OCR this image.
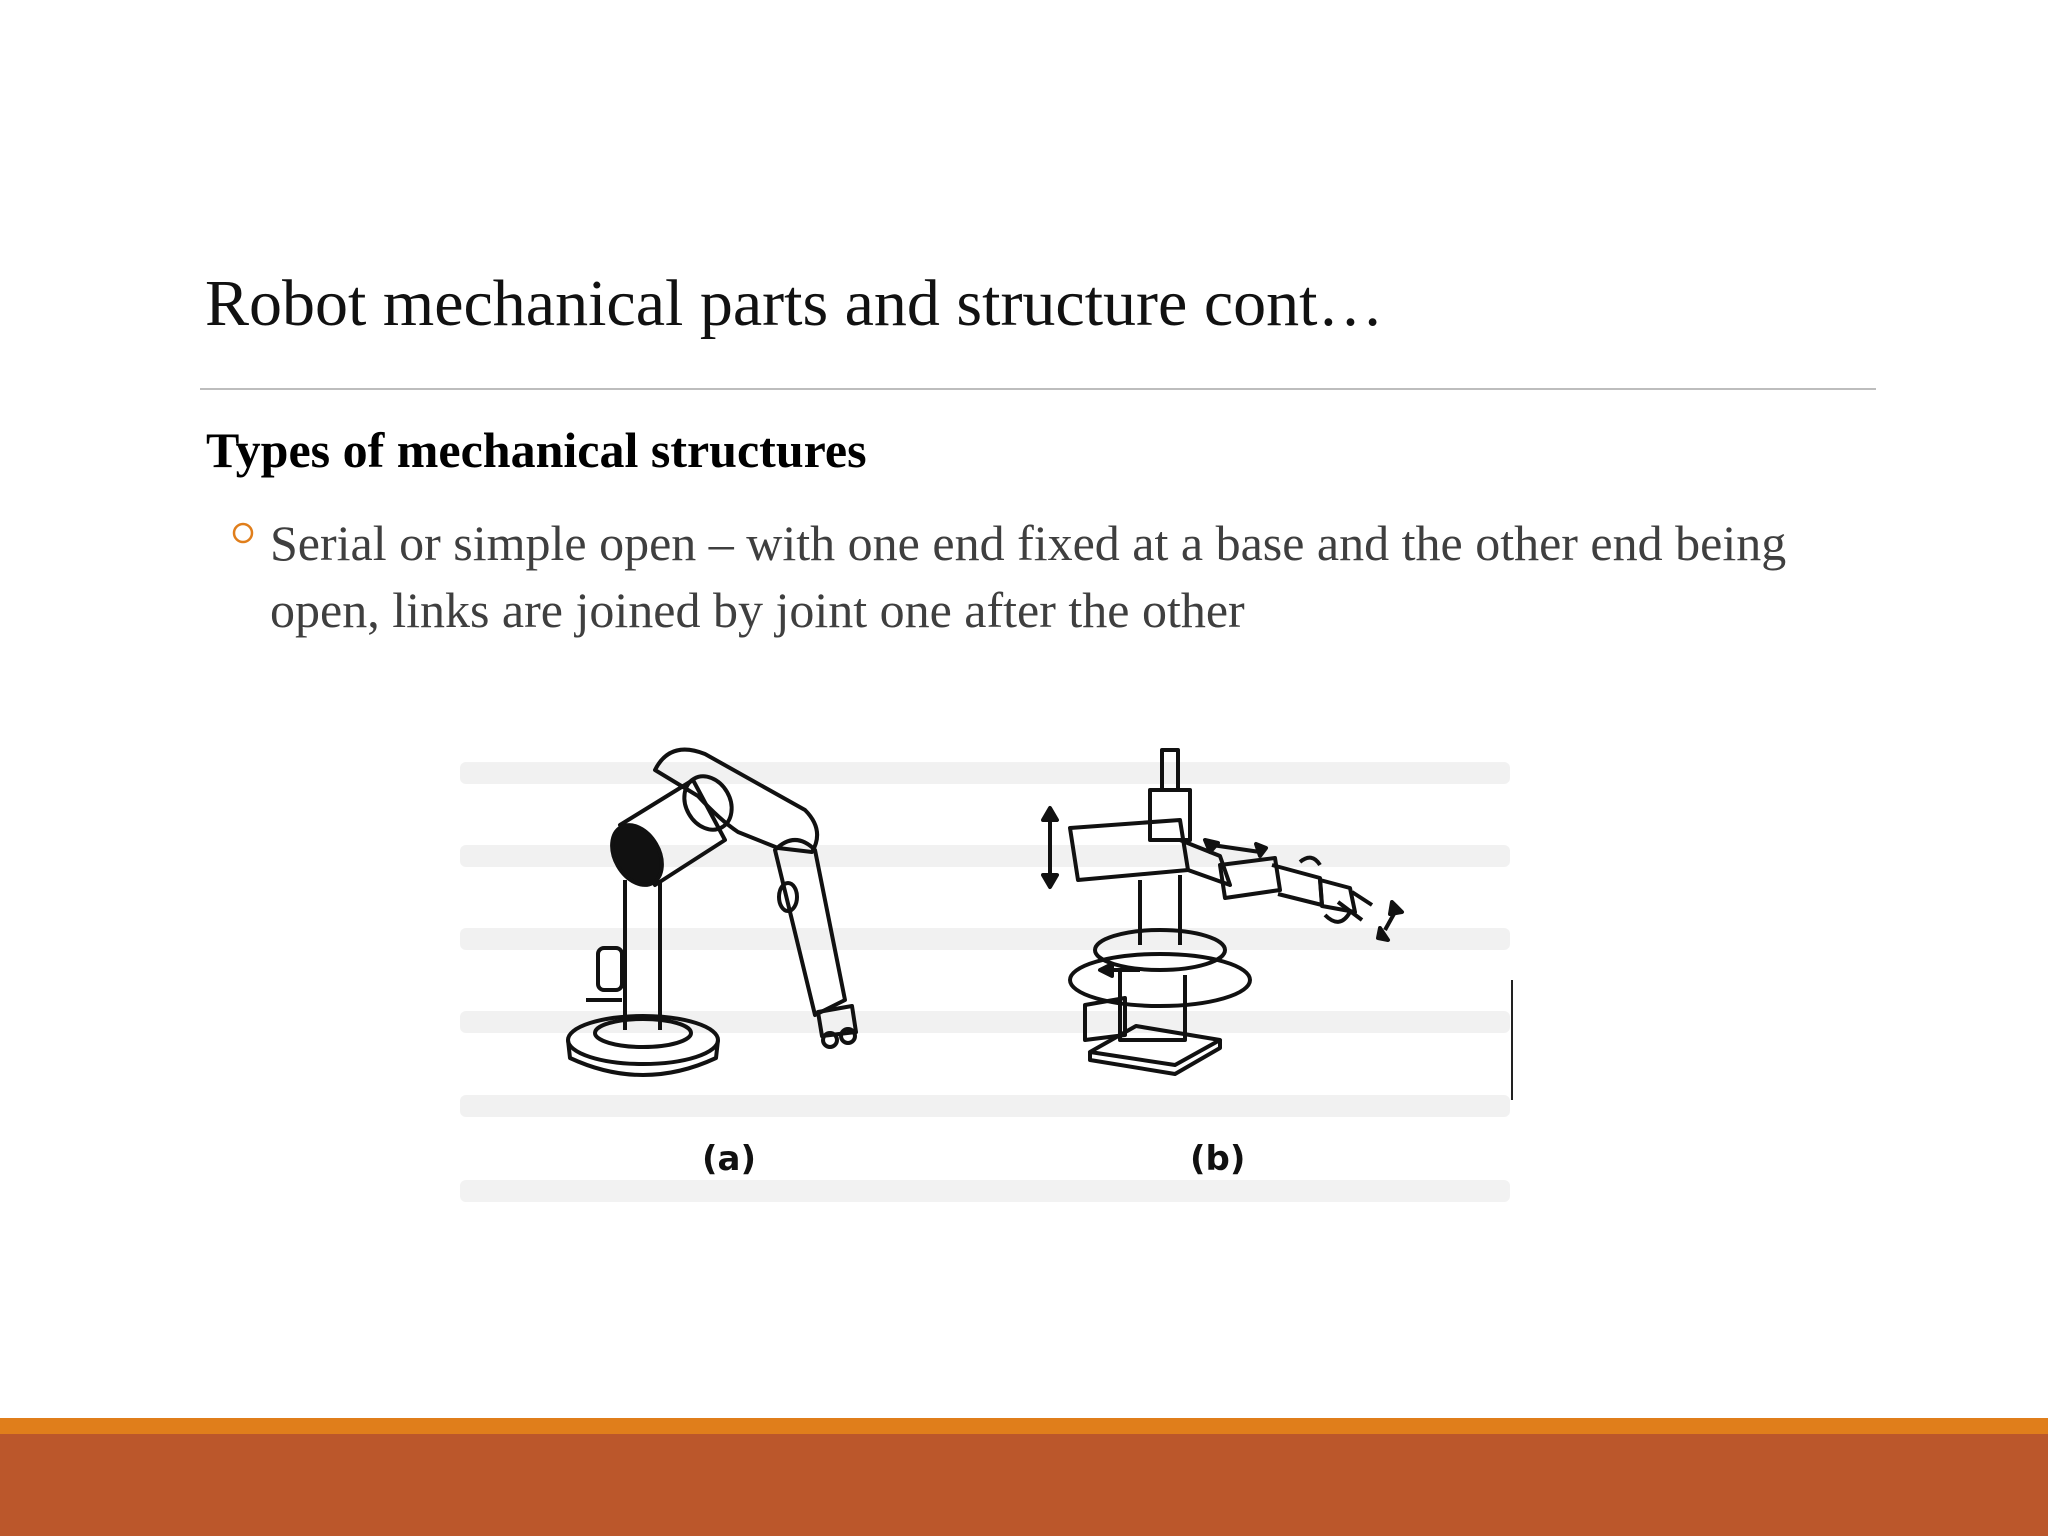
Robot mechanical parts and structure cont…
Types of mechanical structures
Serial or simple open – with one end fixed at a base and the other end being open, links are joined by joint one after the other
(a)	(b)
